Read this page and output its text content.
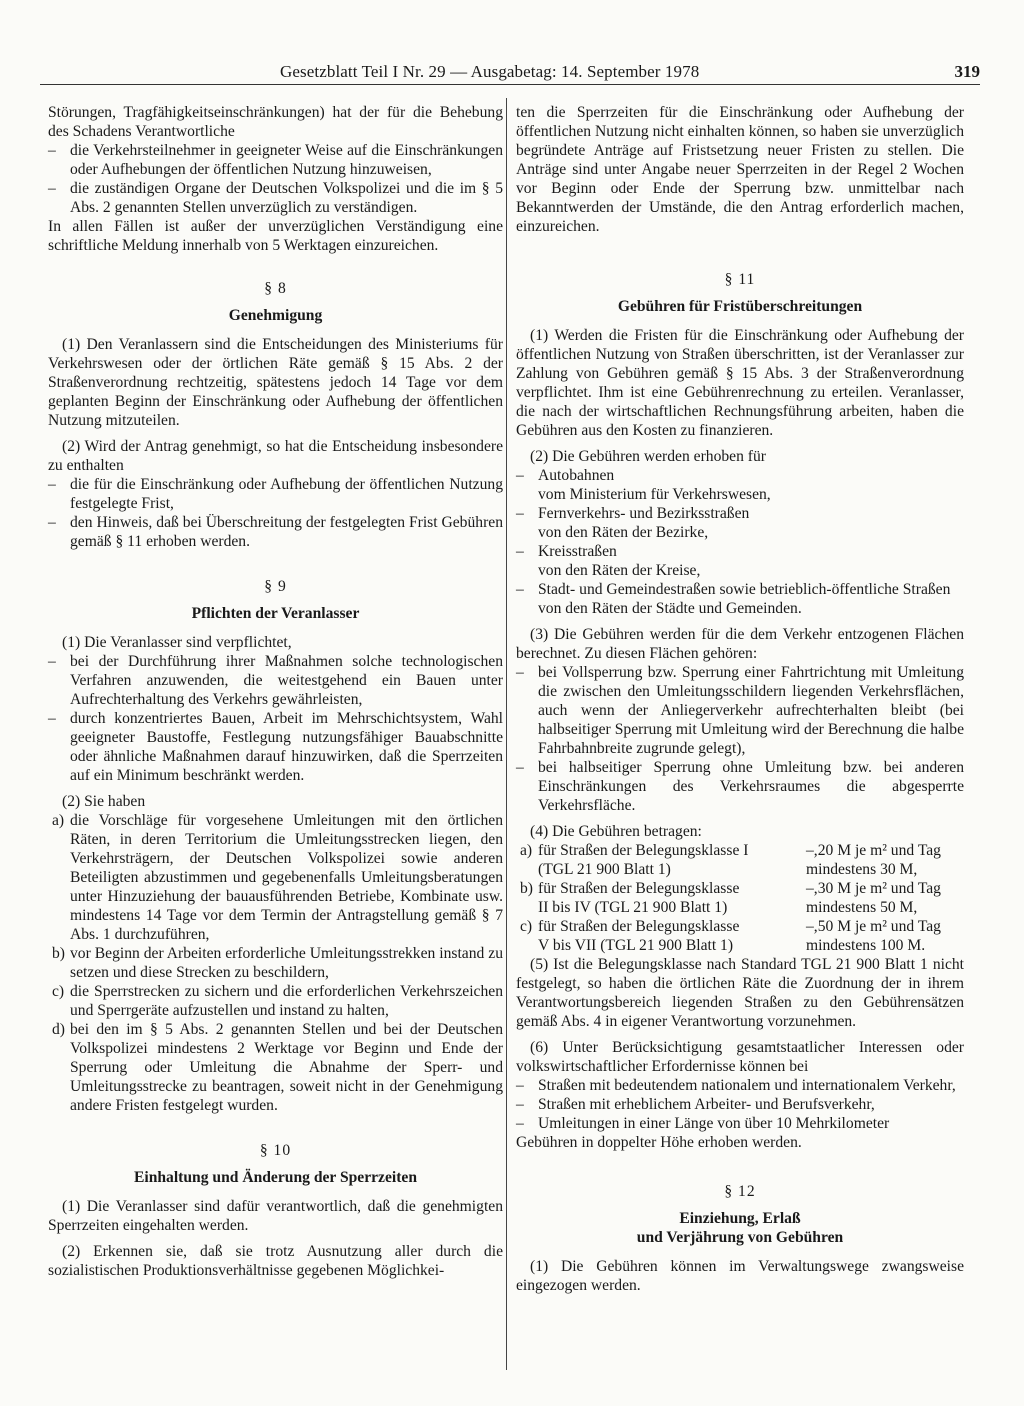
Gesetzblatt Teil I Nr. 29 — Ausgabetag: 14. September 1978	319

Störungen, Tragfähigkeitseinschränkungen) hat der für die Behebung des Schadens Verantwortliche

– die Verkehrsteilnehmer in geeigneter Weise auf die Einschränkungen oder Aufhebungen der öffentlichen Nutzung hinzuweisen,
– die zuständigen Organe der Deutschen Volkspolizei und die im § 5 Abs. 2 genannten Stellen unverzüglich zu verständigen.

In allen Fällen ist außer der unverzüglichen Verständigung eine schriftliche Meldung innerhalb von 5 Werktagen einzureichen.

§ 8
Genehmigung

(1) Den Veranlassern sind die Entscheidungen des Ministeriums für Verkehrswesen oder der örtlichen Räte gemäß § 15 Abs. 2 der Straßenverordnung rechtzeitig, spätestens jedoch 14 Tage vor dem geplanten Beginn der Einschränkung oder Aufhebung der öffentlichen Nutzung mitzuteilen.

(2) Wird der Antrag genehmigt, so hat die Entscheidung insbesondere zu enthalten

– die für die Einschränkung oder Aufhebung der öffentlichen Nutzung festgelegte Frist,
– den Hinweis, daß bei Überschreitung der festgelegten Frist Gebühren gemäß § 11 erhoben werden.
§ 9
Pflichten der Veranlasser

(1) Die Veranlasser sind verpflichtet,

– bei der Durchführung ihrer Maßnahmen solche technologischen Verfahren anzuwenden, die weitestgehend ein Bauen unter Aufrechterhaltung des Verkehrs gewährleisten,
– durch konzentriertes Bauen, Arbeit im Mehrschichtsystem, Wahl geeigneter Baustoffe, Festlegung nutzungsfähiger Bauabschnitte oder ähnliche Maßnahmen darauf hinzuwirken, daß die Sperrzeiten auf ein Minimum beschränkt werden.

(2) Sie haben

a) die Vorschläge für vorgesehene Umleitungen mit den örtlichen Räten, in deren Territorium die Umleitungsstrecken liegen, den Verkehrsträgern, der Deutschen Volkspolizei sowie anderen Beteiligten abzustimmen und gegebenenfalls Umleitungsberatungen unter Hinzuziehung der bauausführenden Betriebe, Kombinate usw. mindestens 14 Tage vor dem Termin der Antragstellung gemäß § 7 Abs. 1 durchzuführen,
b) vor Beginn der Arbeiten erforderliche Umleitungsstrekken instand zu setzen und diese Strecken zu beschildern,
c) die Sperrstrecken zu sichern und die erforderlichen Verkehrszeichen und Sperrgeräte aufzustellen und instand zu halten,
d) bei den im § 5 Abs. 2 genannten Stellen und bei der Deutschen Volkspolizei mindestens 2 Werktage vor Beginn und Ende der Sperrung oder Umleitung die Abnahme der Sperr- und Umleitungsstrecke zu beantragen, soweit nicht in der Genehmigung andere Fristen festgelegt wurden.
§ 10
Einhaltung und Änderung der Sperrzeiten

(1) Die Veranlasser sind dafür verantwortlich, daß die genehmigten Sperrzeiten eingehalten werden.

(2) Erkennen sie, daß sie trotz Ausnutzung aller durch die sozialistischen Produktionsverhältnisse gegebenen Möglichkei-

ten die Sperrzeiten für die Einschränkung oder Aufhebung der öffentlichen Nutzung nicht einhalten können, so haben sie unverzüglich begründete Anträge auf Fristsetzung neuer Fristen zu stellen. Die Anträge sind unter Angabe neuer Sperrzeiten in der Regel 2 Wochen vor Beginn oder Ende der Sperrung bzw. unmittelbar nach Bekanntwerden der Umstände, die den Antrag erforderlich machen, einzureichen.

§ 11
Gebühren für Fristüberschreitungen

(1) Werden die Fristen für die Einschränkung oder Aufhebung der öffentlichen Nutzung von Straßen überschritten, ist der Veranlasser zur Zahlung von Gebühren gemäß § 15 Abs. 3 der Straßenverordnung verpflichtet. Ihm ist eine Gebührenrechnung zu erteilen. Veranlasser, die nach der wirtschaftlichen Rechnungsführung arbeiten, haben die Gebühren aus den Kosten zu finanzieren.

(2) Die Gebühren werden erhoben für

– Autobahnen
vom Ministerium für Verkehrswesen,
– Fernverkehrs- und Bezirksstraßen
von den Räten der Bezirke,
– Kreisstraßen
von den Räten der Kreise,
– Stadt- und Gemeindestraßen sowie betrieblich-öffentliche Straßen
von den Räten der Städte und Gemeinden.

(3) Die Gebühren werden für die dem Verkehr entzogenen Flächen berechnet. Zu diesen Flächen gehören:

– bei Vollsperrung bzw. Sperrung einer Fahrtrichtung mit Umleitung die zwischen den Umleitungsschildern liegenden Verkehrsflächen, auch wenn der Anliegerverkehr aufrechterhalten bleibt (bei halbseitiger Sperrung mit Umleitung wird der Berechnung die halbe Fahrbahnbreite zugrunde gelegt),
– bei halbseitiger Sperrung ohne Umleitung bzw. bei anderen Einschränkungen des Verkehrsraumes die abgesperrte Verkehrsfläche.

(4) Die Gebühren betragen:

a) für Straßen der Belegungsklasse I
(TGL 21 900 Blatt 1)
–,20 M je m² und Tag
mindestens 30 M,
b) für Straßen der Belegungsklasse
II bis IV (TGL 21 900 Blatt 1)
–,30 M je m² und Tag
mindestens 50 M,
c) für Straßen der Belegungsklasse
V bis VII (TGL 21 900 Blatt 1)
–,50 M je m² und Tag
mindestens 100 M.

(5) Ist die Belegungsklasse nach Standard TGL 21 900 Blatt 1 nicht festgelegt, so haben die örtlichen Räte die Zuordnung der in ihrem Verantwortungsbereich liegenden Straßen zu den Gebührensätzen gemäß Abs. 4 in eigener Verantwortung vorzunehmen.

(6) Unter Berücksichtigung gesamtstaatlicher Interessen oder volkswirtschaftlicher Erfordernisse können bei

– Straßen mit bedeutendem nationalem und internationalem Verkehr,
– Straßen mit erheblichem Arbeiter- und Berufsverkehr,
– Umleitungen in einer Länge von über 10 Mehrkilometer

Gebühren in doppelter Höhe erhoben werden.

§ 12
Einziehung, Erlaß
und Verjährung von Gebühren

(1) Die Gebühren können im Verwaltungswege zwangsweise eingezogen werden.
